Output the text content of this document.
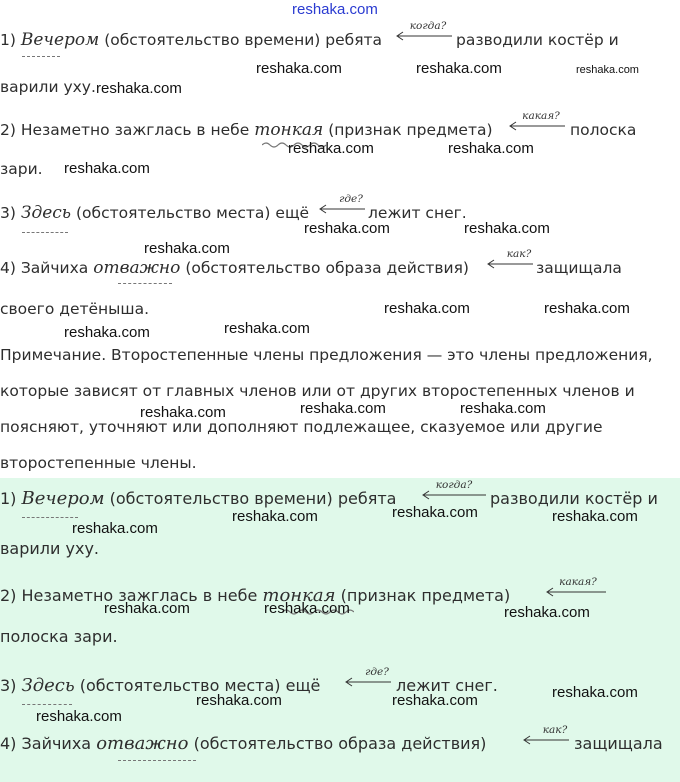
reshaka.com
1) Вечером (обстоятельство времени) ребята
когда?
разводили костёр и
варили уху.
2) Незаметно зажглась в небе тонкая (признак предмета)
какая?
полоска
зари.
3) Здесь (обстоятельство места) ещё
где?
лежит снег.
4) Зайчиха отважно (обстоятельство образа действия)
как?
защищала
своего детёныша.
Примечание. Второстепенные члены предложения — это члены предложения,
которые зависят от главных членов или от других второстепенных членов и
поясняют, уточняют или дополняют подлежащее, сказуемое или другие
второстепенные члены.
1) Вечером (обстоятельство времени) ребята
когда?
разводили костёр и
варили уху.
2) Незаметно зажглась в небе тонкая (признак предмета)
какая?
полоска зари.
3) Здесь (обстоятельство места) ещё
где?
лежит снег.
4) Зайчиха отважно (обстоятельство образа действия)
как?
защищала
reshaka.com	reshaka.com	reshaka.com
reshaka.com
reshaka.com	reshaka.com
reshaka.com
reshaka.com	reshaka.com
reshaka.com
reshaka.com	reshaka.com
reshaka.com
reshaka.com
reshaka.com	reshaka.com
reshaka.com
reshaka.com
reshaka.com	reshaka.com
reshaka.com
reshaka.com	reshaka.com	reshaka.com
reshaka.com
reshaka.com	reshaka.com
reshaka.com
